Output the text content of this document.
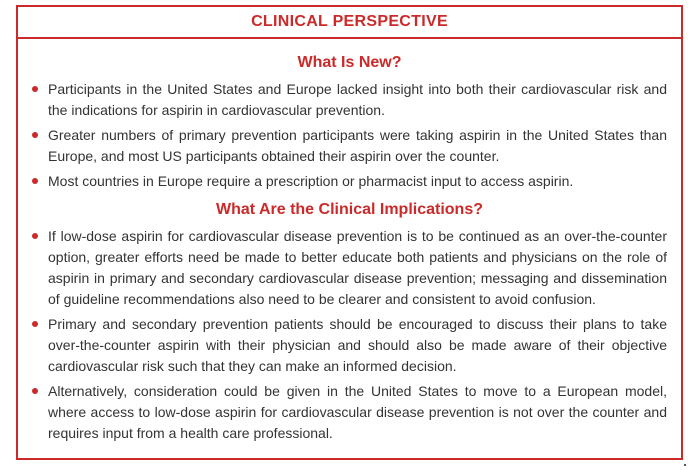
CLINICAL PERSPECTIVE
What Is New?
Participants in the United States and Europe lacked insight into both their cardiovascular risk and the indications for aspirin in cardiovascular prevention.
Greater numbers of primary prevention participants were taking aspirin in the United States than Europe, and most US participants obtained their aspirin over the counter.
Most countries in Europe require a prescription or pharmacist input to access aspirin.
What Are the Clinical Implications?
If low-dose aspirin for cardiovascular disease prevention is to be continued as an over-the-counter option, greater efforts need be made to better educate both patients and physicians on the role of aspirin in primary and secondary cardiovascular disease prevention; messaging and dissemination of guideline recommendations also need to be clearer and consistent to avoid confusion.
Primary and secondary prevention patients should be encouraged to discuss their plans to take over-the-counter aspirin with their physician and should also be made aware of their objective cardiovascular risk such that they can make an informed decision.
Alternatively, consideration could be given in the United States to move to a European model, where access to low-dose aspirin for cardiovascular disease prevention is not over the counter and requires input from a health care professional.
